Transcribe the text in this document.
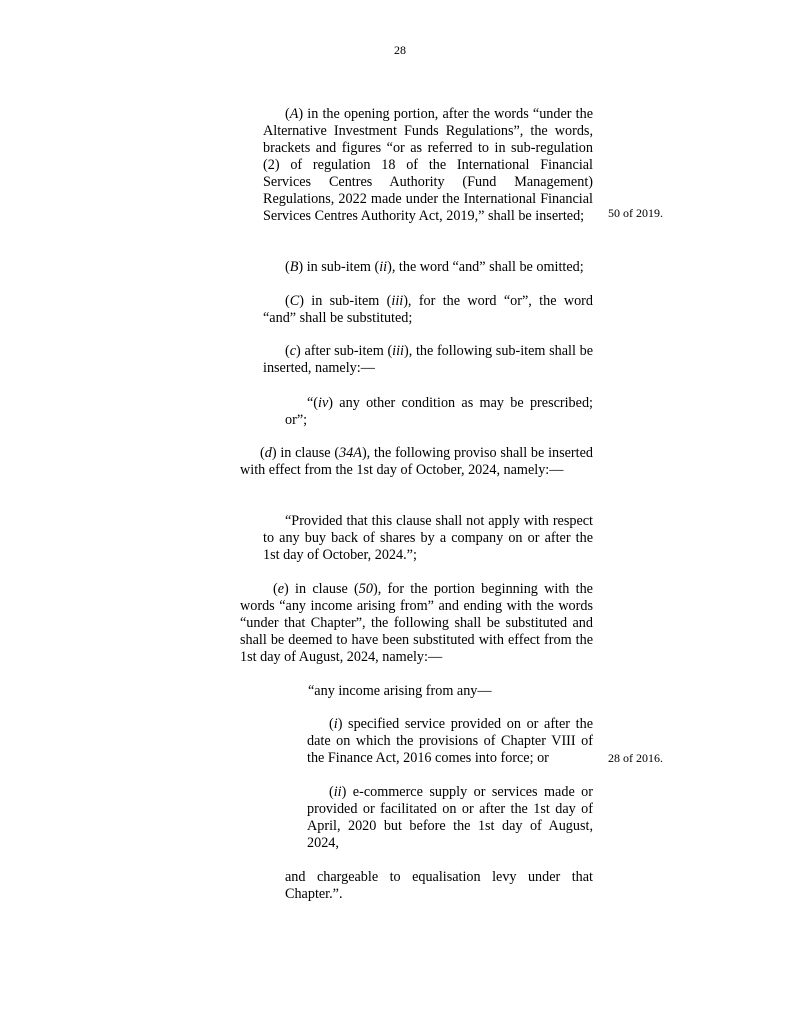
28

(A) in the opening portion, after the words “under the Alternative Investment Funds Regulations”, the words, brackets and figures “or as referred to in sub-regulation (2) of regulation 18 of the International Financial Services Centres Authority (Fund Management) Regulations, 2022 made under the International Financial Services Centres Authority Act, 2019,” shall be inserted;	50 of 2019.

(B) in sub-item (ii), the word “and” shall be omitted;

(C) in sub-item (iii), for the word “or”, the word “and” shall be substituted;

(c) after sub-item (iii), the following sub-item shall be inserted, namely:—

“(iv) any other condition as may be prescribed; or”;

(d) in clause (34A), the following proviso shall be inserted with effect from the 1st day of October, 2024, namely:—

“Provided that this clause shall not apply with respect to any buy back of shares by a company on or after the 1st day of October, 2024.”;

(e) in clause (50), for the portion beginning with the words “any income arising from” and ending with the words “under that Chapter”, the following shall be substituted and shall be deemed to have been substituted with effect from the 1st day of August, 2024, namely:—

“any income arising from any—

(i) specified service provided on or after the date on which the provisions of Chapter VIII of the Finance Act, 2016 comes into force; or	28 of 2016.

(ii) e-commerce supply or services made or provided or facilitated on or after the 1st day of April, 2020 but before the 1st day of August, 2024,

and chargeable to equalisation levy under that Chapter.”.
